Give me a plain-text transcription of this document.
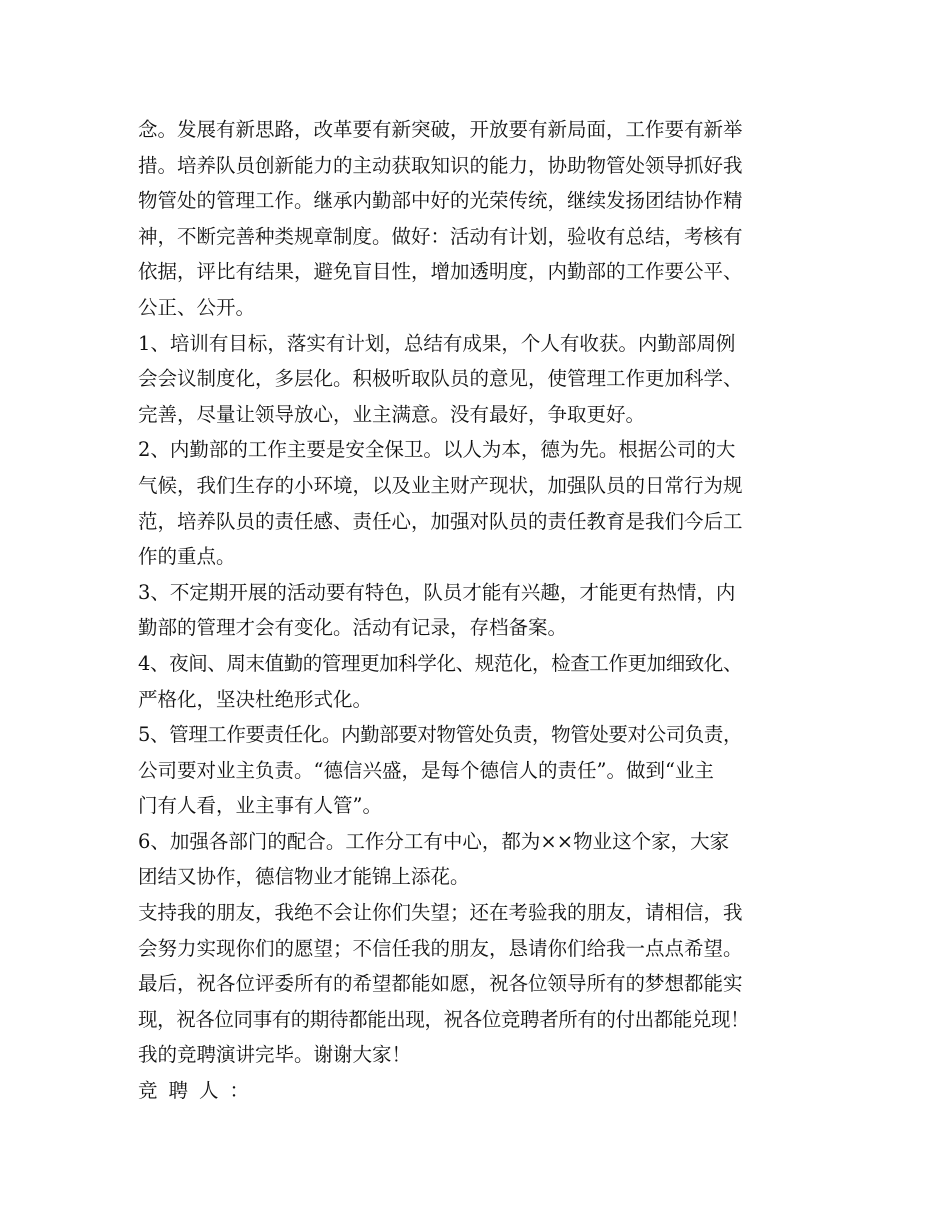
念。发展有新思路，改革要有新突破，开放要有新局面，工作要有新举
措。培养队员创新能力的主动获取知识的能力，协助物管处领导抓好我
物管处的管理工作。继承内勤部中好的光荣传统，继续发扬团结协作精
神，不断完善种类规章制度。做好：活动有计划，验收有总结，考核有
依据，评比有结果，避免盲目性，增加透明度，内勤部的工作要公平、
公正、公开。
1、培训有目标，落实有计划，总结有成果，个人有收获。内勤部周例
会会议制度化，多层化。积极听取队员的意见，使管理工作更加科学、
完善，尽量让领导放心，业主满意。没有最好，争取更好。
2、内勤部的工作主要是安全保卫。以人为本，德为先。根据公司的大
气候，我们生存的小环境，以及业主财产现状，加强队员的日常行为规
范，培养队员的责任感、责任心，加强对队员的责任教育是我们今后工
作的重点。
3、不定期开展的活动要有特色，队员才能有兴趣，才能更有热情，内
勤部的管理才会有变化。活动有记录，存档备案。
4、夜间、周末值勤的管理更加科学化、规范化，检查工作更加细致化、
严格化，坚决杜绝形式化。
5、管理工作要责任化。内勤部要对物管处负责，物管处要对公司负责，
公司要对业主负责。“德信兴盛，是每个德信人的责任”。做到“业主
门有人看，业主事有人管”。
6、加强各部门的配合。工作分工有中心，都为××物业这个家，大家
团结又协作，德信物业才能锦上添花。
支持我的朋友，我绝不会让你们失望；还在考验我的朋友，请相信，我
会努力实现你们的愿望；不信任我的朋友，恳请你们给我一点点希望。
最后，祝各位评委所有的希望都能如愿，祝各位领导所有的梦想都能实
现，祝各位同事有的期待都能出现，祝各位竞聘者所有的付出都能兑现！
我的竞聘演讲完毕。谢谢大家！
竞聘人：
